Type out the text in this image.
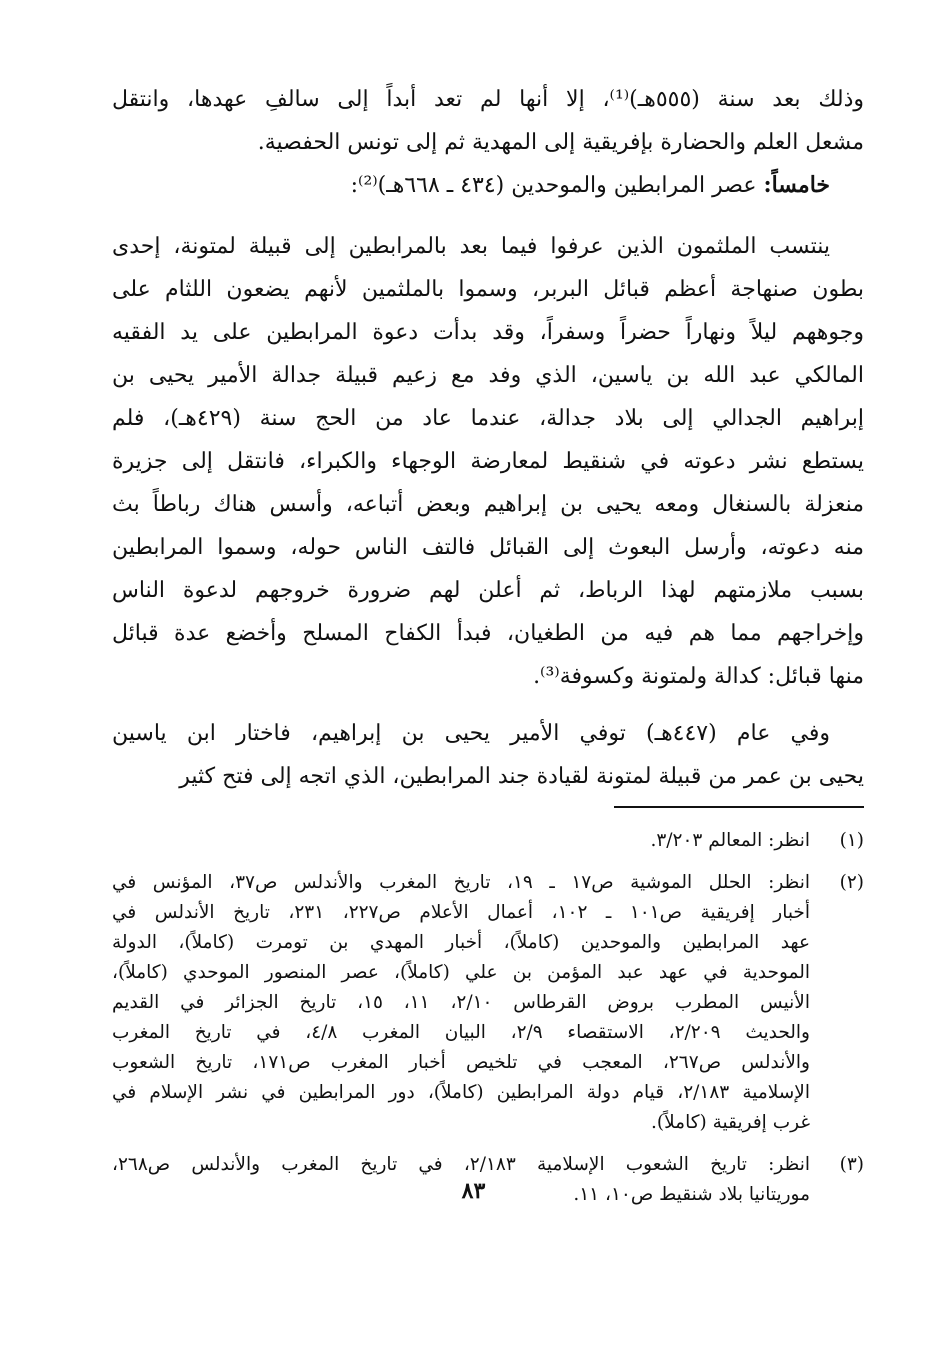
وذلك بعد سنة (٥٥٥هـ)⁽¹⁾، إلا أنها لم تعد أبداً إلى سالفِ عهدها، وانتقل
مشعل العلم والحضارة بإفريقية إلى المهدية ثم إلى تونس الحفصية.
خامساً: عصر المرابطين والموحدين (٤٣٤ ـ ٦٦٨هـ)⁽²⁾:
ينتسب الملثمون الذين عرفوا فيما بعد بالمرابطين إلى قبيلة لمتونة، إحدى
بطون صنهاجة أعظم قبائل البربر، وسموا بالملثمين لأنهم يضعون اللثام على
وجوههم ليلاً ونهاراً حضراً وسفراً، وقد بدأت دعوة المرابطين على يد الفقيه
المالكي عبد الله بن ياسين، الذي وفد مع زعيم قبيلة جدالة الأمير يحيى بن
إبراهيم الجدالي إلى بلاد جدالة، عندما عاد من الحج سنة (٤٢٩هـ)، فلم
يستطع نشر دعوته في شنقيط لمعارضة الوجهاء والكبراء، فانتقل إلى جزيرة
منعزلة بالسنغال ومعه يحيى بن إبراهيم وبعض أتباعه، وأسس هناك رباطاً بث
منه دعوته، وأرسل البعوث إلى القبائل فالتف الناس حوله، وسموا المرابطين
بسبب ملازمتهم لهذا الرباط، ثم أعلن لهم ضرورة خروجهم لدعوة الناس
وإخراجهم مما هم فيه من الطغيان، فبدأ الكفاح المسلح وأخضع عدة قبائل
منها قبائل: كدالة ولمتونة وكسوفة⁽³⁾.
وفي عام (٤٤٧هـ) توفي الأمير يحيى بن إبراهيم، فاختار ابن ياسين
يحيى بن عمر من قبيلة لمتونة لقيادة جند المرابطين، الذي اتجه إلى فتح كثير
(١)
انظر: المعالم ٣/٢٠٣.
(٢)
انظر: الحلل الموشية ص١٧ ـ ١٩، تاريخ المغرب والأندلس ص٣٧، المؤنس في
أخبار إفريقية ص١٠١ ـ ١٠٢، أعمال الأعلام ص٢٢٧، ٢٣١، تاريخ الأندلس في
عهد المرابطين والموحدين (كاملاً)، أخبار المهدي بن تومرت (كاملاً)، الدولة
الموحدية في عهد عبد المؤمن بن علي (كاملاً)، عصر المنصور الموحدي (كاملاً)،
الأنيس المطرب بروض القرطاس ٢/١٠، ١١، ١٥، تاريخ الجزائر في القديم
والحديث ٢/٢٠٩، الاستقصاء ٢/٩، البيان المغرب ٤/٨، في تاريخ المغرب
والأندلس ص٢٦٧، المعجب في تلخيص أخبار المغرب ص١٧١، تاريخ الشعوب
الإسلامية ٢/١٨٣، قيام دولة المرابطين (كاملاً)، دور المرابطين في نشر الإسلام في
غرب إفريقية (كاملاً).
(٣)
انظر: تاريخ الشعوب الإسلامية ٢/١٨٣، في تاريخ المغرب والأندلس ص٢٦٨،
موريتانيا بلاد شنقيط ص١٠، ١١.
٨٣
